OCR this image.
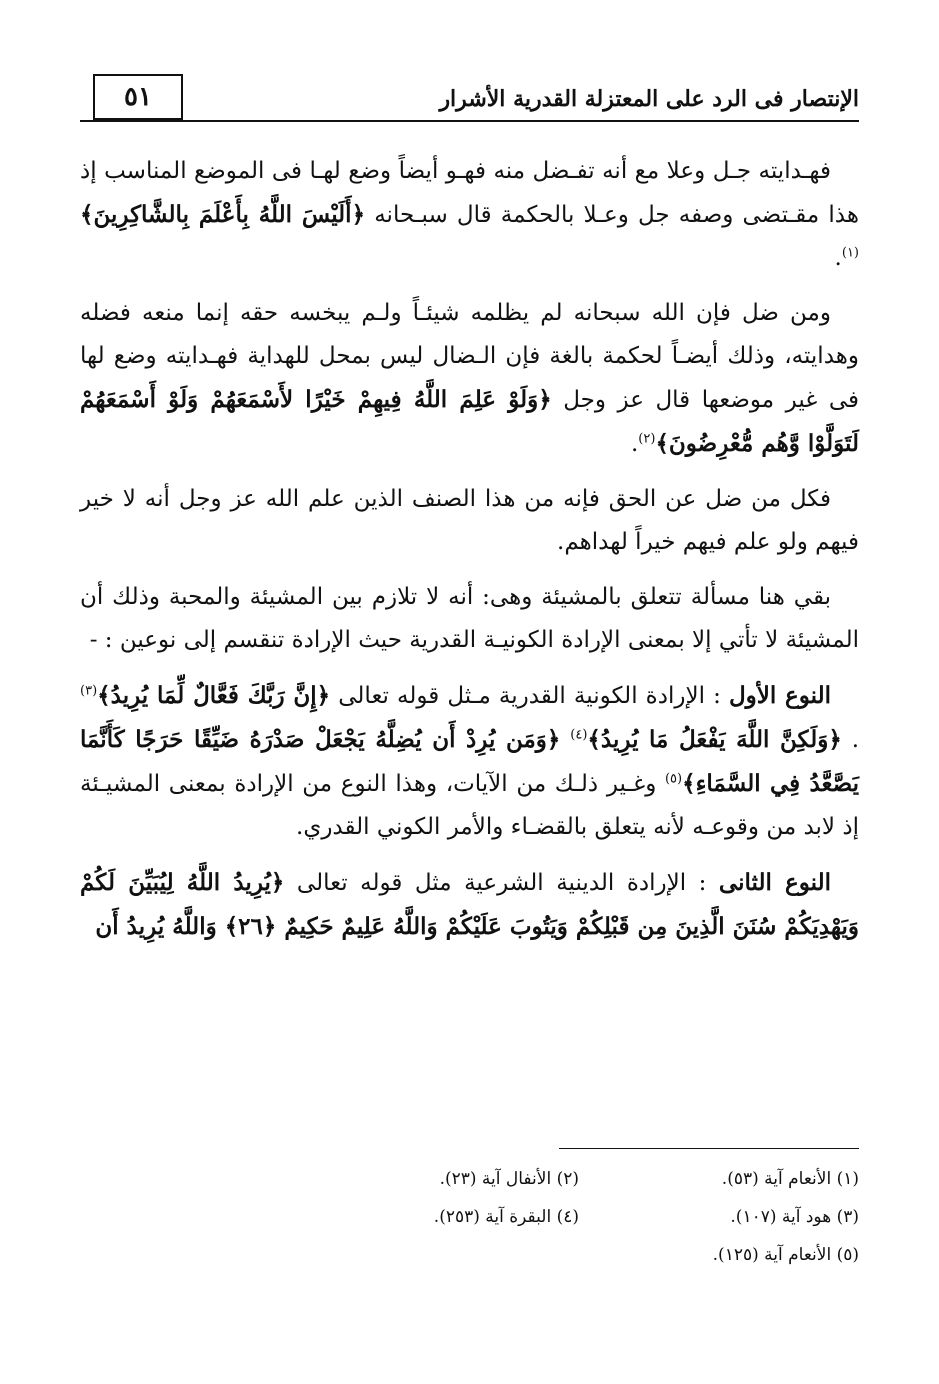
٥١	الإنتصار فى الرد على المعتزلة القدرية الأشرار

فهـدايته جـل وعلا مع أنه تفـضل منه فهـو أيضاً وضع لهـا فى الموضع المناسب إذ هذا مقـتضى وصفه جل وعـلا بالحكمة قال سبـحانه ﴿أَلَيْسَ اللَّهُ بِأَعْلَمَ بِالشَّاكِرِينَ﴾$^{(١)}$.

ومن ضل فإن الله سبحانه لم يظلمه شيئـاً ولـم يبخسه حقه إنما منعه فضله وهدايته، وذلك أيضـاً لحكمة بالغة فإن الـضال ليس بمحل للهداية فهـدايته وضع لها فى غير موضعها قال عز وجل ﴿وَلَوْ عَلِمَ اللَّهُ فِيهِمْ خَيْرًا لأَسْمَعَهُمْ وَلَوْ أَسْمَعَهُمْ لَتَوَلَّوْا وَّهُم مُّعْرِضُونَ﴾$^{(٢)}$.

فكل من ضل عن الحق فإنه من هذا الصنف الذين علم الله عز وجل أنه لا خير فيهم ولو علم فيهم خيراً لهداهم.

بقي هنا مسألة تتعلق بالمشيئة وهى: أنه لا تلازم بين المشيئة والمحبة وذلك أن المشيئة لا تأتي إلا بمعنى الإرادة الكونيـة القدرية حيث الإرادة تنقسم إلى نوعين : -

النوع الأول : الإرادة الكونية القدرية مـثل قوله تعالى ﴿إِنَّ رَبَّكَ فَعَّالٌ لِّمَا يُرِيدُ﴾$^{(٣)}$ . ﴿وَلَكِنَّ اللَّهَ يَفْعَلُ مَا يُرِيدُ﴾$^{(٤)}$ ﴿وَمَن يُرِدْ أَن يُضِلَّهُ يَجْعَلْ صَدْرَهُ ضَيِّقًا حَرَجًا كَأَنَّمَا يَصَّعَّدُ فِي السَّمَاءِ﴾$^{(٥)}$ وغـير ذلـك من الآيات، وهذا النوع من الإرادة بمعنى المشيـئة إذ لابد من وقوعـه لأنه يتعلق بالقضـاء والأمر الكوني القدري.

النوع الثانى : الإرادة الدينية الشرعية مثل قوله تعالى ﴿يُرِيدُ اللَّهُ لِيُبَيِّنَ لَكُمْ وَيَهْدِيَكُمْ سُنَنَ الَّذِينَ مِن قَبْلِكُمْ وَيَتُوبَ عَلَيْكُمْ وَاللَّهُ عَلِيمٌ حَكِيمٌ ﴿٢٦﴾ وَاللَّهُ يُرِيدُ أَن

(١) الأنعام آية (٥٣).
(٢) الأنفال آية (٢٣).
(٣) هود آية (١٠٧).
(٤) البقرة آية (٢٥٣).
(٥) الأنعام آية (١٢٥).
